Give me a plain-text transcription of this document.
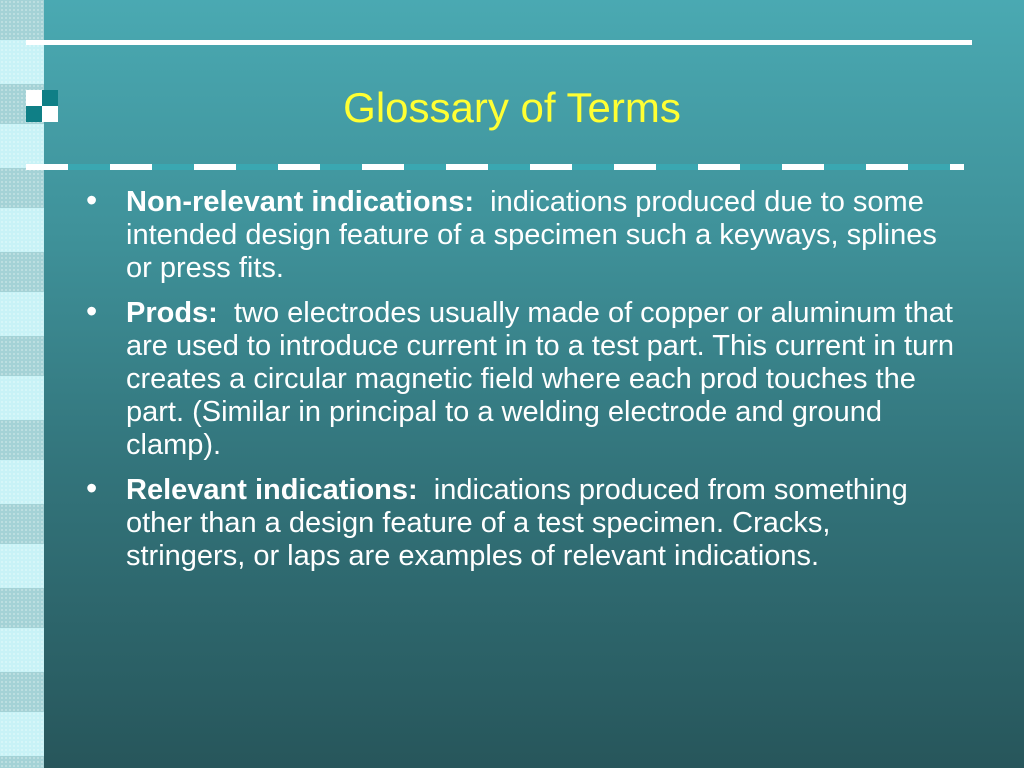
Glossary of Terms
• Non-relevant indications: indications produced due to some intended design feature of a specimen such a keyways, splines or press fits.
• Prods: two electrodes usually made of copper or aluminum that are used to introduce current in to a test part. This current in turn creates a circular magnetic field where each prod touches the part. (Similar in principal to a welding electrode and ground clamp).
• Relevant indications: indications produced from something other than a design feature of a test specimen. Cracks, stringers, or laps are examples of relevant indications.
